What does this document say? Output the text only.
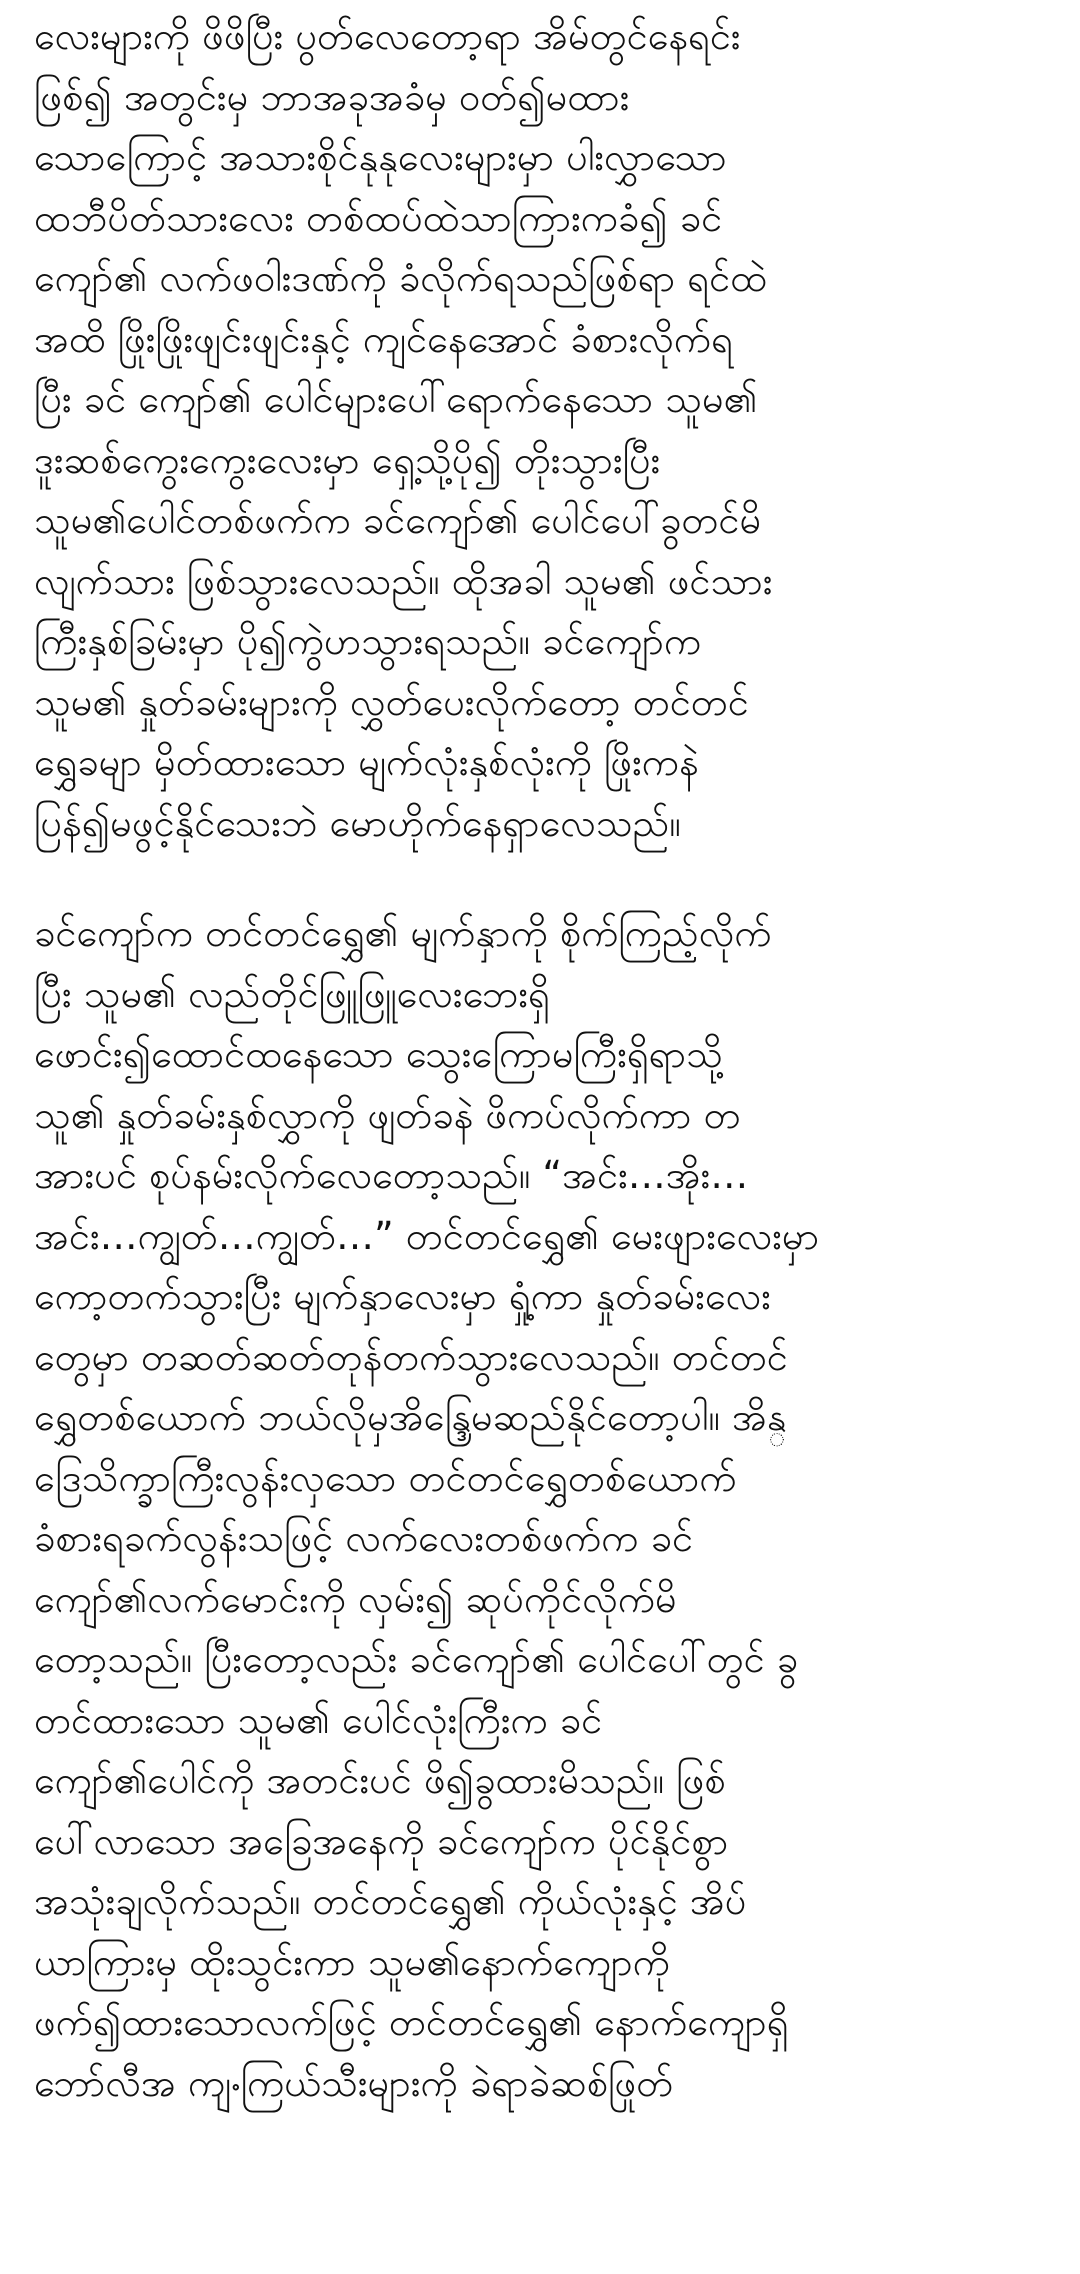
လေးများကို ဖိဖိပြီး ပွတ်လေတော့ရာ အိမ်တွင်နေရင်း
ဖြစ်၍ အတွင်းမှ ဘာအခုအခံမှ ဝတ်၍မထား
သောကြောင့် အသားစိုင်နုနုလေးများမှာ ပါးလွှာသော
ထဘီပိတ်သားလေး တစ်ထပ်ထဲသာကြားကခံ၍ ခင်
ကျော်၏ လက်ဖဝါးဒဏ်ကို ခံလိုက်ရသည်ဖြစ်ရာ ရင်ထဲ
အထိ ဖြိုးဖြိုးဖျင်းဖျင်းနှင့် ကျင်နေအောင် ခံစားလိုက်ရ
ပြီး ခင် ကျော်၏ ပေါင်များပေါ်ရောက်နေသော သူမ၏
ဒူးဆစ်ကွေးကွေးလေးမှာ ရှေ့သို့ပို၍ တိုးသွားပြီး
သူမ၏ပေါင်တစ်ဖက်က ခင်ကျော်၏ ပေါင်ပေါ်ခွတင်မိ
လျက်သား ဖြစ်သွားလေသည်။ ထိုအခါ သူမ၏ ဖင်သား
ကြီးနှစ်ခြမ်းမှာ ပို၍ကွဲဟသွားရသည်။ ခင်ကျော်က
သူမ၏ နှုတ်ခမ်းများကို လွှတ်ပေးလိုက်တော့ တင်တင်
ရွှေခမျာ မှိတ်ထားသော မျက်လုံးနှစ်လုံးကို ဖြိုးကနဲ
ပြန်၍မဖွင့်နိုင်သေးဘဲ မောဟိုက်နေရှာလေသည်။
ခင်ကျော်က တင်တင်ရွှေ၏ မျက်နှာကို စိုက်ကြည့်လိုက်
ပြီး သူမ၏ လည်တိုင်ဖြူဖြူလေးဘေးရှိ
ဖောင်း၍ထောင်ထနေသော သွေးကြောမကြီးရှိရာသို့
သူ၏ နှုတ်ခမ်းနှစ်လွှာကို ဖျတ်ခနဲ ဖိကပ်လိုက်ကာ တ
အားပင် စုပ်နမ်းလိုက်လေတော့သည်။ “အင်း…အိုး…
အင်း…ကျွတ်…ကျွတ်…” တင်တင်ရွှေ၏ မေးဖျားလေးမှာ
ကော့တက်သွားပြီး မျက်နှာလေးမှာ ရှုံ့ကာ နှုတ်ခမ်းလေး
တွေမှာ တဆတ်ဆတ်တုန်တက်သွားလေသည်။ တင်တင်
ရွှေတစ်ယောက် ဘယ်လိုမှအိန္ဒြေမဆည်နိုင်တော့ပါ။ အိန္
ဒြေသိက္ခာကြီးလွန်းလှသော တင်တင်ရွှေတစ်ယောက်
ခံစားရခက်လွန်းသဖြင့် လက်လေးတစ်ဖက်က ခင်
ကျော်၏လက်မောင်းကို လှမ်း၍ ဆုပ်ကိုင်လိုက်မိ
တော့သည်။ ပြီးတော့လည်း ခင်ကျော်၏ ပေါင်ပေါ်တွင် ခွ
တင်ထားသော သူမ၏ ပေါင်လုံးကြီးက ခင်
ကျော်၏ပေါင်ကို အတင်းပင် ဖိ၍ခွထားမိသည်။ ဖြစ်
ပေါ်လာသော အခြေအနေကို ခင်ကျော်က ပိုင်နိုင်စွာ
အသုံးချလိုက်သည်။ တင်တင်ရွှေ၏ ကိုယ်လုံးနှင့် အိပ်
ယာကြားမှ ထိုးသွင်းကာ သူမ၏နောက်ကျောကို
ဖက်၍ထားသောလက်ဖြင့် တင်တင်ရွှေ၏ နောက်ကျောရှိ
ဘော်လီအ ကျႋကြယ်သီးများကို ခဲရာခဲဆစ်ဖြုတ်
